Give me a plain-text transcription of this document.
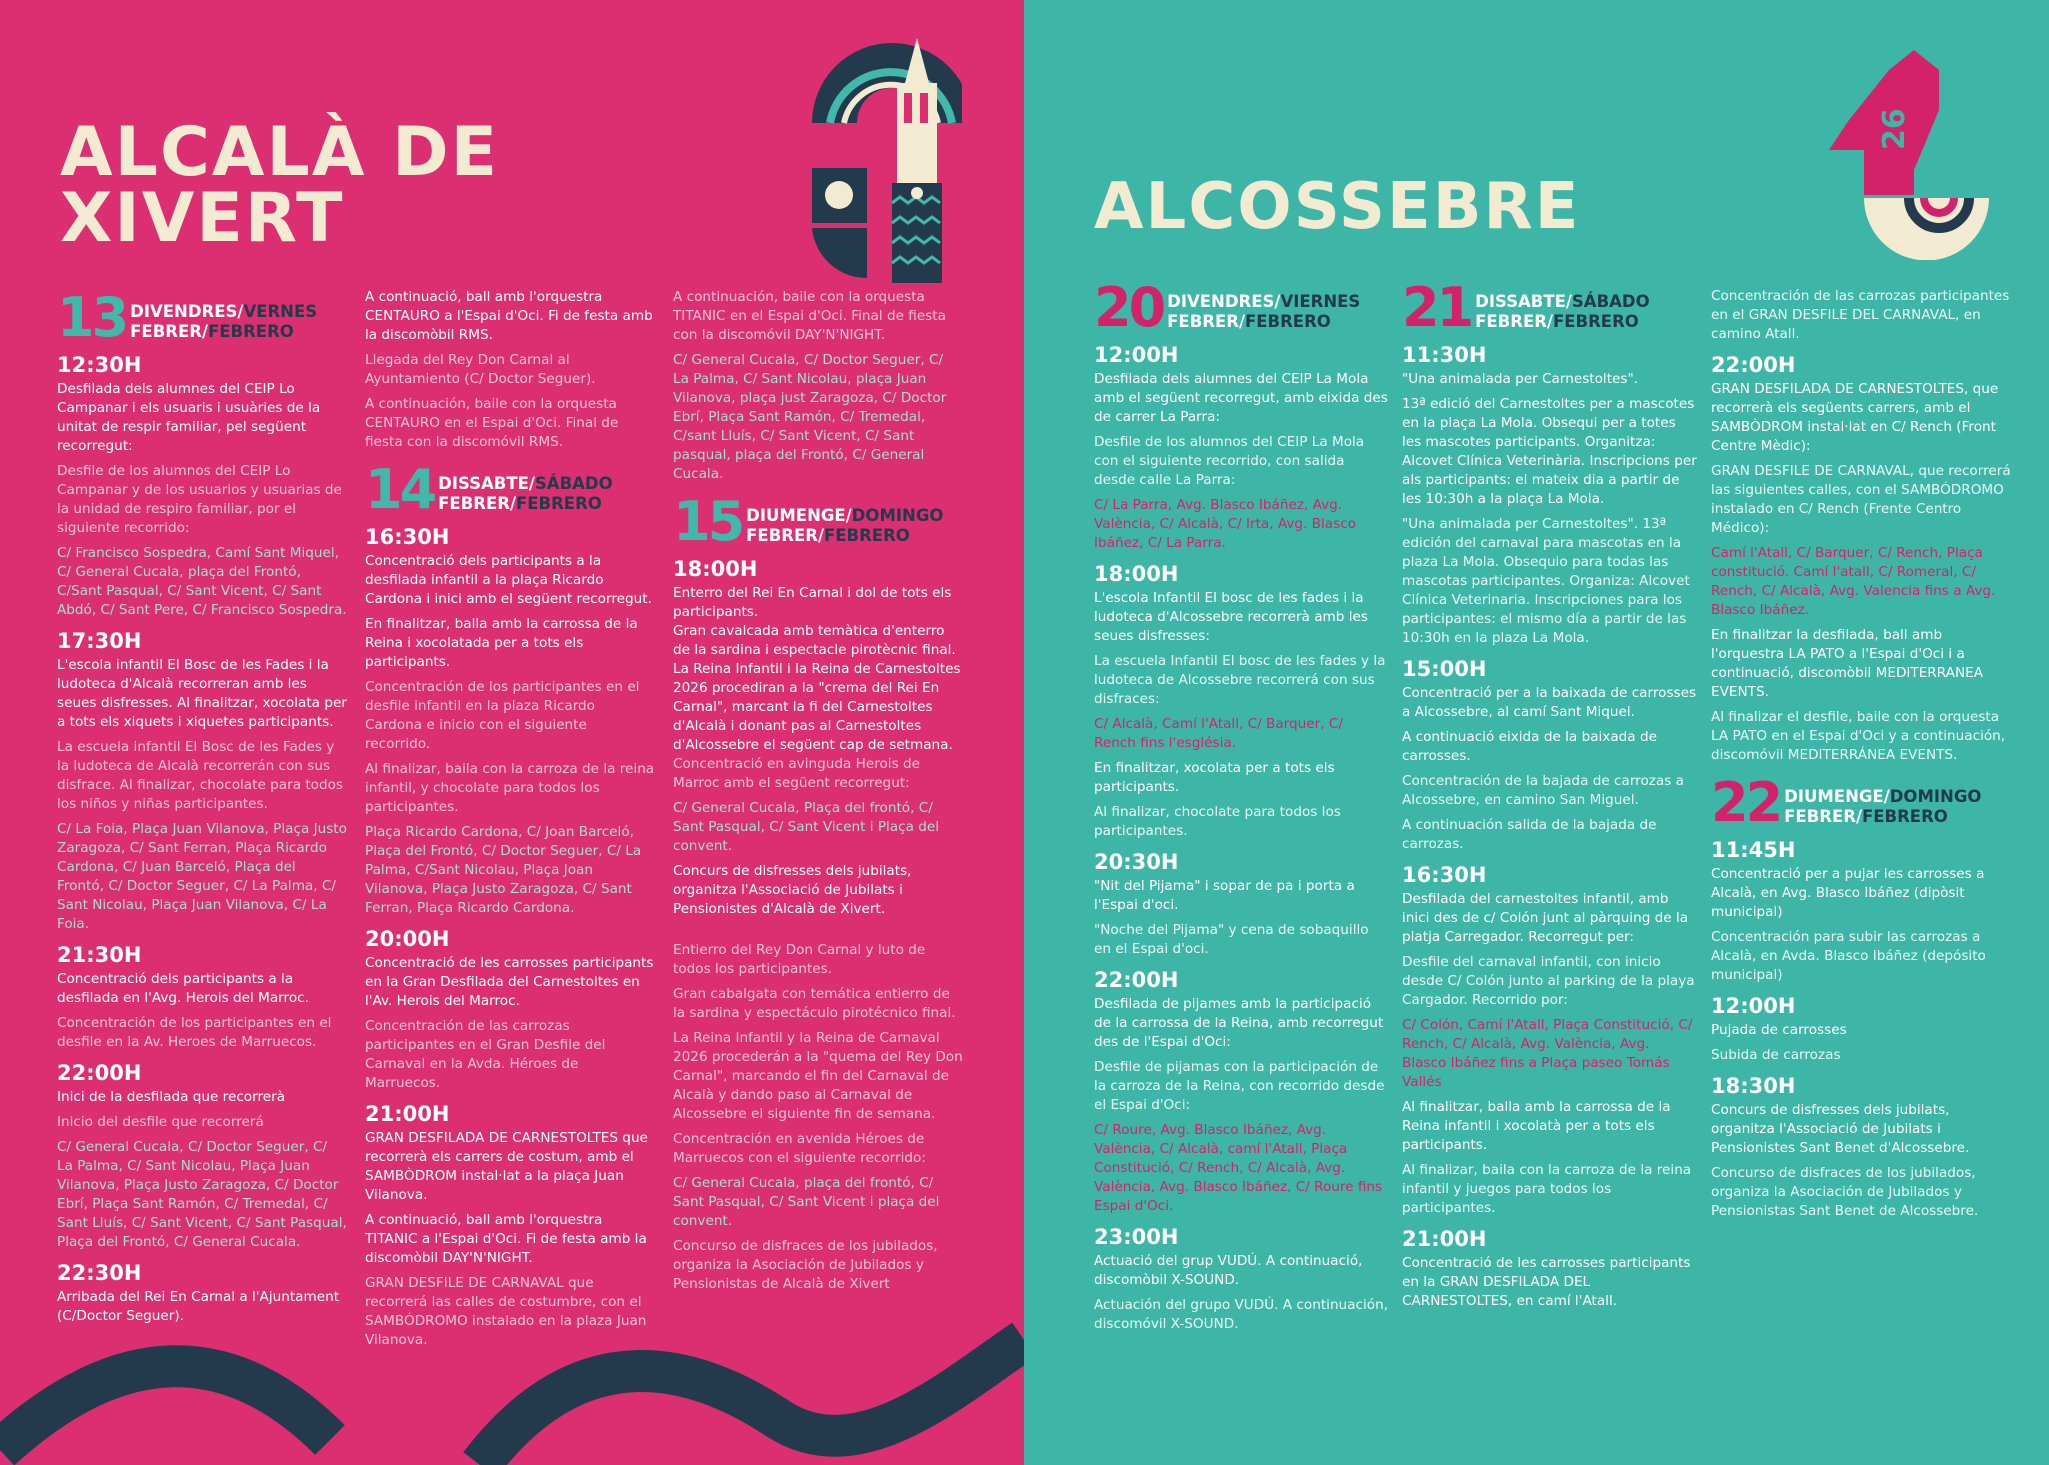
ALCALÀ DE
XIVERT
13 DIVENDRES/VERNES
FEBRER/FEBRERO
12:30H

Desfilada dels alumnes del CEIP Lo Campanar i els usuaris i usuàries de la unitat de respir familiar, pel següent recorregut:

Desfile de los alumnos del CEIP Lo Campanar y de los usuarios y usuarias de la unidad de respiro familiar, por el siguiente recorrido:

C/ Francisco Sospedra, Camí Sant Miquel, C/ General Cucala, plaça del Frontó, C/Sant Pasqual, C/ Sant Vicent, C/ Sant Abdó, C/ Sant Pere, C/ Francisco Sospedra.

17:30H

L'escola infantil El Bosc de les Fades i la ludoteca d'Alcalà recorreran amb les seues disfresses. Al finalitzar, xocolata per a tots els xiquets i xiquetes participants.

La escuela infantil El Bosc de les Fades y la ludoteca de Alcalà recorrerán con sus disfrace. Al finalizar, chocolate para todos los niños y niñas participantes.

C/ La Foia, Plaça Juan Vilanova, Plaça Justo Zaragoza, C/ Sant Ferran, Plaça Ricardo Cardona, C/ Juan Barceló, Plaça del Frontó, C/ Doctor Seguer, C/ La Palma, C/ Sant Nicolau, Plaça Juan Vilanova, C/ La Foia.

21:30H

Concentració dels participants a la desfilada en l'Avg. Herois del Marroc.

Concentración de los participantes en el desfile en la Av. Heroes de Marruecos.

22:00H

Inici de la desfilada que recorrerà

Inicio del desfile que recorrerá

C/ General Cucala, C/ Doctor Seguer, C/ La Palma, C/ Sant Nicolau, Plaça Juan Vilanova, Plaça Justo Zaragoza, C/ Doctor Ebrí, Plaça Sant Ramón, C/ Tremedal, C/ Sant Lluís, C/ Sant Vicent, C/ Sant Pasqual, Plaça del Frontó, C/ General Cucala.

22:30H

Arribada del Rei En Carnal a l'Ajuntament (C/Doctor Seguer).

A continuació, ball amb l'orquestra CENTAURO a l'Espai d'Oci. Fi de festa amb la discomòbil RMS.

Llegada del Rey Don Carnal al Ayuntamiento (C/ Doctor Seguer).

A continuación, baile con la orquesta CENTAURO en el Espai d'Oci. Final de fiesta con la discomóvil RMS.

14 DISSABTE/SÁBADO
FEBRER/FEBRERO
16:30H

Concentració dels participants a la desfilada infantil a la plaça Ricardo Cardona i inici amb el següent recorregut.

En finalitzar, balla amb la carrossa de la Reina i xocolatada per a tots els participants.

Concentración de los participantes en el desfile infantil en la plaza Ricardo Cardona e inicio con el siguiente recorrido.

Al finalizar, baila con la carroza de la reina infantil, y chocolate para todos los participantes.

Plaça Ricardo Cardona, C/ Joan Barceló, Plaça del Frontó, C/ Doctor Seguer, C/ La Palma, C/Sant Nicolau, Plaça Joan Vilanova, Plaça Justo Zaragoza, C/ Sant Ferran, Plaça Ricardo Cardona.

20:00H

Concentració de les carrosses participants en la Gran Desfilada del Carnestoltes en l'Av. Herois del Marroc.

Concentración de las carrozas participantes en el Gran Desfile del Carnaval en la Avda. Héroes de Marruecos.

21:00H

GRAN DESFILADA DE CARNESTOLTES que recorrerà els carrers de costum, amb el SAMBÒDROM instal·lat a la plaça Juan Vilanova.

A continuació, ball amb l'orquestra TITANIC a l'Espai d'Oci. Fi de festa amb la discomòbil DAY'N'NIGHT.

GRAN DESFILE DE CARNAVAL que recorrerá las calles de costumbre, con el SAMBÓDROMO instalado en la plaza Juan Vilanova.

A continuación, baile con la orquesta TITANIC en el Espai d'Oci. Final de fiesta con la discomóvil DAY'N'NIGHT.

C/ General Cucala, C/ Doctor Seguer, C/ La Palma, C/ Sant Nicolau, plaça Juan Vilanova, plaça just Zaragoza, C/ Doctor Ebrí, Plaça Sant Ramón, C/ Tremedal, C/sant Lluís, C/ Sant Vicent, C/ Sant pasqual, plaça del Frontó, C/ General Cucala.

15 DIUMENGE/DOMINGO
FEBRER/FEBRERO
18:00H

Enterro del Rei En Carnal i dol de tots els participants.

Gran cavalcada amb temàtica d'enterro de la sardina i espectacle pirotècnic final.

La Reina Infantil i la Reina de Carnestoltes 2026 procediran a la "crema del Rei En Carnal", marcant la fi del Carnestoltes d'Alcalà i donant pas al Carnestoltes d'Alcossebre el següent cap de setmana.

Concentració en avinguda Herois de Marroc amb el següent recorregut:

C/ General Cucala, Plaça del frontó, C/ Sant Pasqual, C/ Sant Vicent i Plaça del convent.

Concurs de disfresses dels jubilats, organitza l'Associació de Jubilats i Pensionistes d'Alcalà de Xivert.

Entierro del Rey Don Carnal y luto de todos los participantes.

Gran cabalgata con temática entierro de la sardina y espectáculo pirotécnico final.

La Reina Infantil y la Reina de Carnaval 2026 procederán a la "quema del Rey Don Carnal", marcando el fin del Carnaval de Alcalà y dando paso al Carnaval de Alcossebre el siguiente fin de semana.

Concentración en avenida Héroes de Marruecos con el siguiente recorrido:

C/ General Cucala, plaça del frontó, C/ Sant Pasqual, C/ Sant Vicent i plaça del convent.

Concurso de disfraces de los jubilados, organiza la Asociación de Jubilados y Pensionistas de Alcalà de Xivert

26
ALCOSSEBRE
20 DIVENDRES/VIERNES
FEBRER/FEBRERO
12:00H

Desfilada dels alumnes del CEIP La Mola amb el següent recorregut, amb eixida des de carrer La Parra:

Desfile de los alumnos del CEIP La Mola con el siguiente recorrido, con salida desde calle La Parra:

C/ La Parra, Avg. Blasco Ibáñez, Avg. València, C/ Alcalà, C/ Irta, Avg. Blasco Ibáñez, C/ La Parra.

18:00H

L'escola Infantil El bosc de les fades i la ludoteca d'Alcossebre recorrerà amb les seues disfresses:

La escuela Infantil El bosc de les fades y la ludoteca de Alcossebre recorrerá con sus disfraces:

C/ Alcalà, Camí l'Atall, C/ Barquer, C/ Rench fins l'església.

En finalitzar, xocolata per a tots els participants.

Al finalizar, chocolate para todos los participantes.

20:30H

"Nit del Pijama" i sopar de pa i porta a l'Espai d'oci.

"Noche del Pijama" y cena de sobaquillo en el Espai d'oci.

22:00H

Desfilada de pijames amb la participació de la carrossa de la Reina, amb recorregut des de l'Espai d'Oci:

Desfile de pijamas con la participación de la carroza de la Reina, con recorrido desde el Espai d'Oci:

C/ Roure, Avg. Blasco Ibáñez, Avg. València, C/ Alcalà, camí l'Atall, Plaça Constitució, C/ Rench, C/ Alcalà, Avg. València, Avg. Blasco Ibáñez, C/ Roure fins Espai d'Oci.

23:00H

Actuació del grup VUDÚ. A continuació, discomòbil X-SOUND.

Actuación del grupo VUDÚ. A continuación, discomóvil X-SOUND.

21 DISSABTE/SÁBADO
FEBRER/FEBRERO
11:30H

"Una animalada per Carnestoltes".

13ª edició del Carnestoltes per a mascotes en la plaça La Mola. Obsequi per a totes les mascotes participants. Organitza: Alcovet Clínica Veterinària. Inscripcions per als participants: el mateix dia a partir de les 10:30h a la plaça La Mola.

"Una animalada per Carnestoltes". 13ª edición del carnaval para mascotas en la plaza La Mola. Obsequio para todas las mascotas participantes. Organiza: Alcovet Clínica Veterinaria. Inscripciones para los participantes: el mismo día a partir de las 10:30h en la plaza La Mola.

15:00H

Concentració per a la baixada de carrosses a Alcossebre, al camí Sant Miquel.

A continuació eixida de la baixada de carrosses.

Concentración de la bajada de carrozas a Alcossebre, en camino San Miguel.

A continuación salida de la bajada de carrozas.

16:30H

Desfilada del carnestoltes infantil, amb inici des de c/ Colón junt al pàrquing de la platja Carregador. Recorregut per:

Desfile del carnaval infantil, con inicio desde C/ Colón junto al parking de la playa Cargador. Recorrido por:

C/ Colón, Camí l'Atall, Plaça Constitució, C/ Rench, C/ Alcalà, Avg. València, Avg. Blasco Ibáñez fins a Plaça paseo Tomás Vallés

Al finalitzar, balla amb la carrossa de la Reina infantil i xocolatà per a tots els participants.

Al finalizar, baila con la carroza de la reina infantil y juegos para todos los participantes.

21:00H

Concentració de les carrosses participants en la GRAN DESFILADA DEL CARNESTOLTES, en camí l'Atall.

Concentración de las carrozas participantes en el GRAN DESFILE DEL CARNAVAL, en camino Atall.

22:00H

GRAN DESFILADA DE CARNESTOLTES, que recorrerà els següents carrers, amb el SAMBÒDROM instal·lat en C/ Rench (Front Centre Mèdic):

GRAN DESFILE DE CARNAVAL, que recorrerá las siguientes calles, con el SAMBÓDROMO instalado en C/ Rench (Frente Centro Médico):

Camí l'Atall, C/ Barquer, C/ Rench, Plaça constitució. Camí l'atall, C/ Romeral, C/ Rench, C/ Alcalà, Avg. Valencia fins a Avg. Blasco Ibáñez.

En finalitzar la desfilada, ball amb l'orquestra LA PATO a l'Espai d'Oci i a continuació, discomòbil MEDITERRANEA EVENTS.

Al finalizar el desfile, baile con la orquesta LA PATO en el Espai d'Oci y a continuación, discomóvil MEDITERRÁNEA EVENTS.

22 DIUMENGE/DOMINGO
FEBRER/FEBRERO
11:45H

Concentració per a pujar les carrosses a Alcalà, en Avg. Blasco Ibáñez (dipòsit municipal)

Concentración para subir las carrozas a Alcalà, en Avda. Blasco Ibáñez (depósito municipal)

12:00H

Pujada de carrosses

Subida de carrozas

18:30H

Concurs de disfresses dels jubilats, organitza l'Associació de Jubilats i Pensionistes Sant Benet d'Alcossebre.

Concurso de disfraces de los jubilados, organiza la Asociación de Jubilados y Pensionistas Sant Benet de Alcossebre.
